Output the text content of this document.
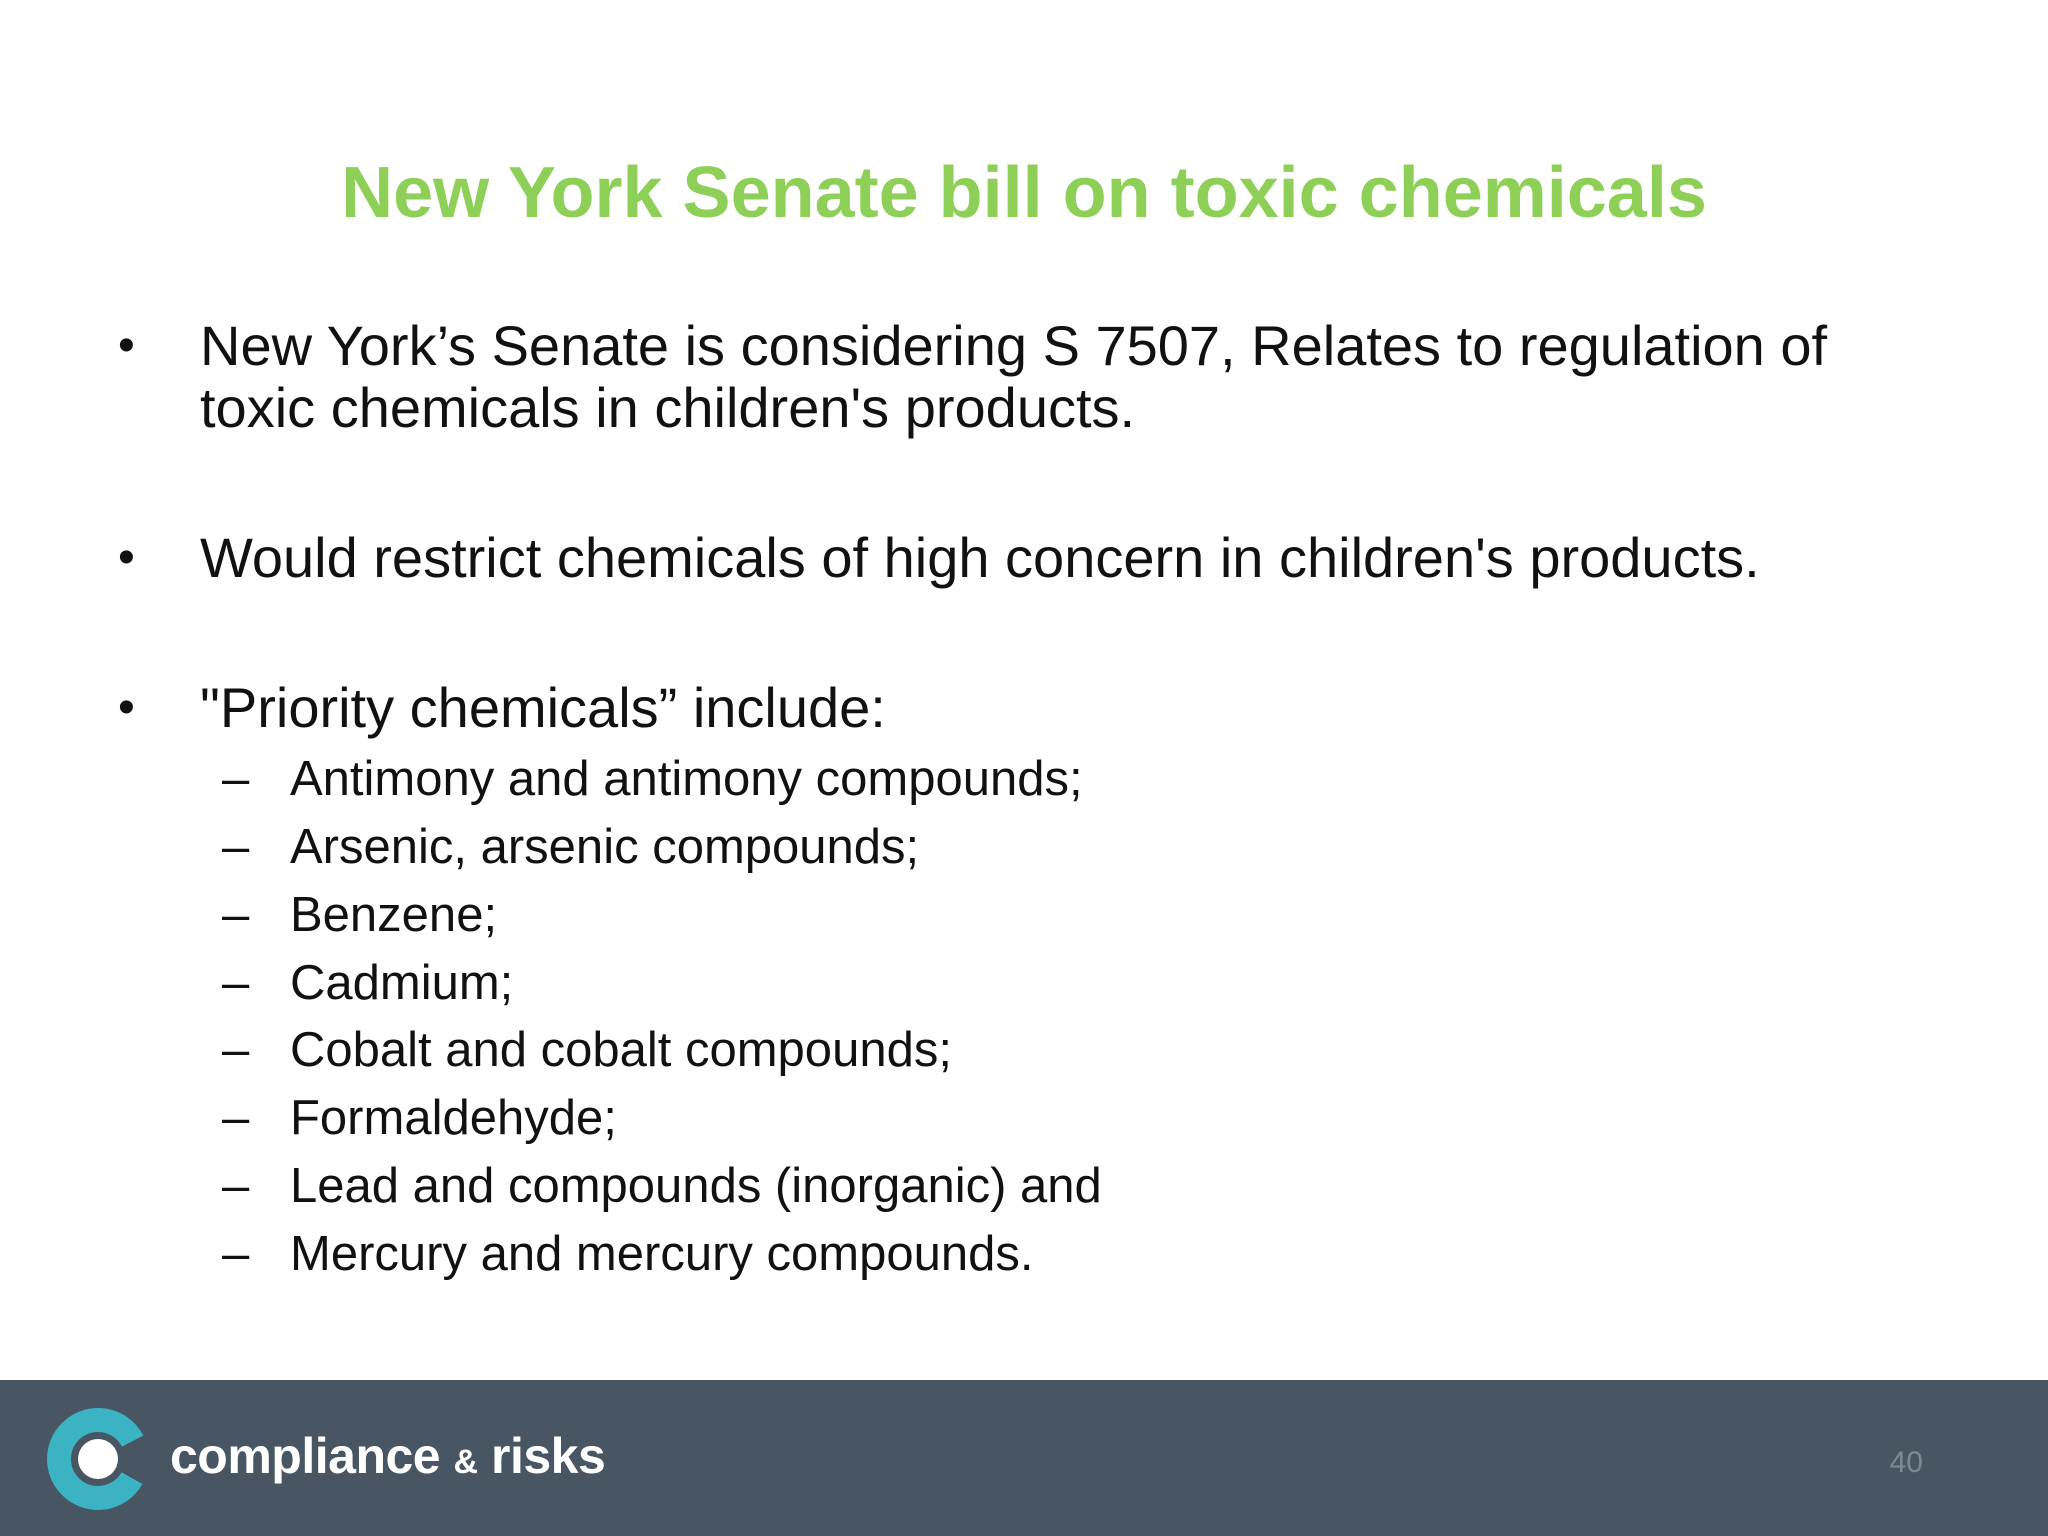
New York Senate bill on toxic chemicals
• New York’s Senate is considering S 7507, Relates to regulation of
toxic chemicals in children's products.
• Would restrict chemicals of high concern in children's products.
• "Priority chemicals” include:
– Antimony and antimony compounds;
– Arsenic, arsenic compounds;
– Benzene;
– Cadmium;
– Cobalt and cobalt compounds;
– Formaldehyde;
– Lead and compounds (inorganic) and
– Mercury and mercury compounds.
compliance & risks	40
